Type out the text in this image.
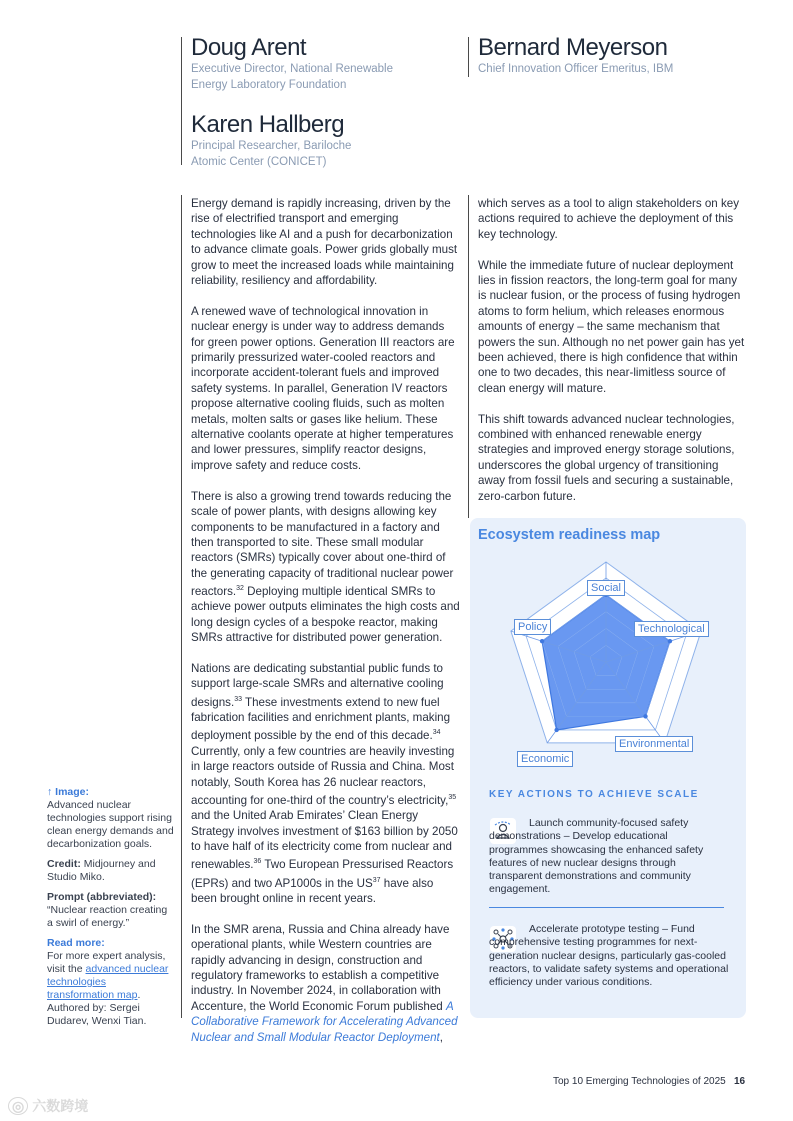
Doug Arent
Executive Director, National Renewable
Energy Laboratory Foundation
Bernard Meyerson
Chief Innovation Officer Emeritus, IBM
Karen Hallberg
Principal Researcher, Bariloche
Atomic Center (CONICET)

Energy demand is rapidly increasing, driven by the rise of electrified transport and emerging technologies like AI and a push for decarbonization to advance climate goals. Power grids globally must grow to meet the increased loads while maintaining reliability, resiliency and affordability.

A renewed wave of technological innovation in nuclear energy is under way to address demands for green power options. Generation III reactors are primarily pressurized water-cooled reactors and incorporate accident-tolerant fuels and improved safety systems. In parallel, Generation IV reactors propose alternative cooling fluids, such as molten metals, molten salts or gases like helium. These alternative coolants operate at higher temperatures and lower pressures, simplify reactor designs, improve safety and reduce costs.

There is also a growing trend towards reducing the scale of power plants, with designs allowing key components to be manufactured in a factory and then transported to site. These small modular reactors (SMRs) typically cover about one-third of the generating capacity of traditional nuclear power reactors.$^{32}$ Deploying multiple identical SMRs to achieve power outputs eliminates the high costs and long design cycles of a bespoke reactor, making SMRs attractive for distributed power generation.

Nations are dedicating substantial public funds to support large-scale SMRs and alternative cooling designs.$^{33}$ These investments extend to new fuel fabrication facilities and enrichment plants, making deployment possible by the end of this decade.$^{34}$ Currently, only a few countries are heavily investing in large reactors outside of Russia and China. Most notably, South Korea has 26 nuclear reactors, accounting for one-third of the country’s electricity,$^{35}$ and the United Arab Emirates’ Clean Energy Strategy involves investment of $163 billion by 2050 to have half of its electricity come from nuclear and renewables.$^{36}$ Two European Pressurised Reactors (EPRs) and two AP1000s in the US$^{37}$ have also been brought online in recent years.

In the SMR arena, Russia and China already have operational plants, while Western countries are rapidly advancing in design, construction and regulatory frameworks to establish a competitive industry. In November 2024, in collaboration with Accenture, the World Economic Forum published A Collaborative Framework for Accelerating Advanced Nuclear and Small Modular Reactor Deployment,

which serves as a tool to align stakeholders on key actions required to achieve the deployment of this key technology.

While the immediate future of nuclear deployment lies in fission reactors, the long-term goal for many is nuclear fusion, or the process of fusing hydrogen atoms to form helium, which releases enormous amounts of energy – the same mechanism that powers the sun. Although no net power gain has yet been achieved, there is high confidence that within one to two decades, this near-limitless source of clean energy will mature.

This shift towards advanced nuclear technologies, combined with enhanced renewable energy strategies and improved energy storage solutions, underscores the global urgency of transitioning away from fossil fuels and securing a sustainable, zero-carbon future.

↑ Image:
Advanced nuclear technologies support rising clean energy demands and decarbonization goals.
Credit: Midjourney and Studio Miko.
Prompt (abbreviated):
“Nuclear reaction creating a swirl of energy.”
Read more:
For more expert analysis, visit the advanced nuclear technologies transformation map. Authored by: Sergei Dudarev, Wenxi Tian.
Ecosystem readiness map
Social
Technological
Environmental
Economic
Policy
KEY ACTIONS TO ACHIEVE SCALE
Launch community-focused safety demonstrations – Develop educational programmes showcasing the enhanced safety features of new nuclear designs through transparent demonstrations and community engagement.
Accelerate prototype testing – Fund comprehensive testing programmes for next-generation nuclear designs, particularly gas-cooled reactors, to validate safety systems and operational efficiency under various conditions.
Top 10 Emerging Technologies of 2025 16
◎ 六数跨境
